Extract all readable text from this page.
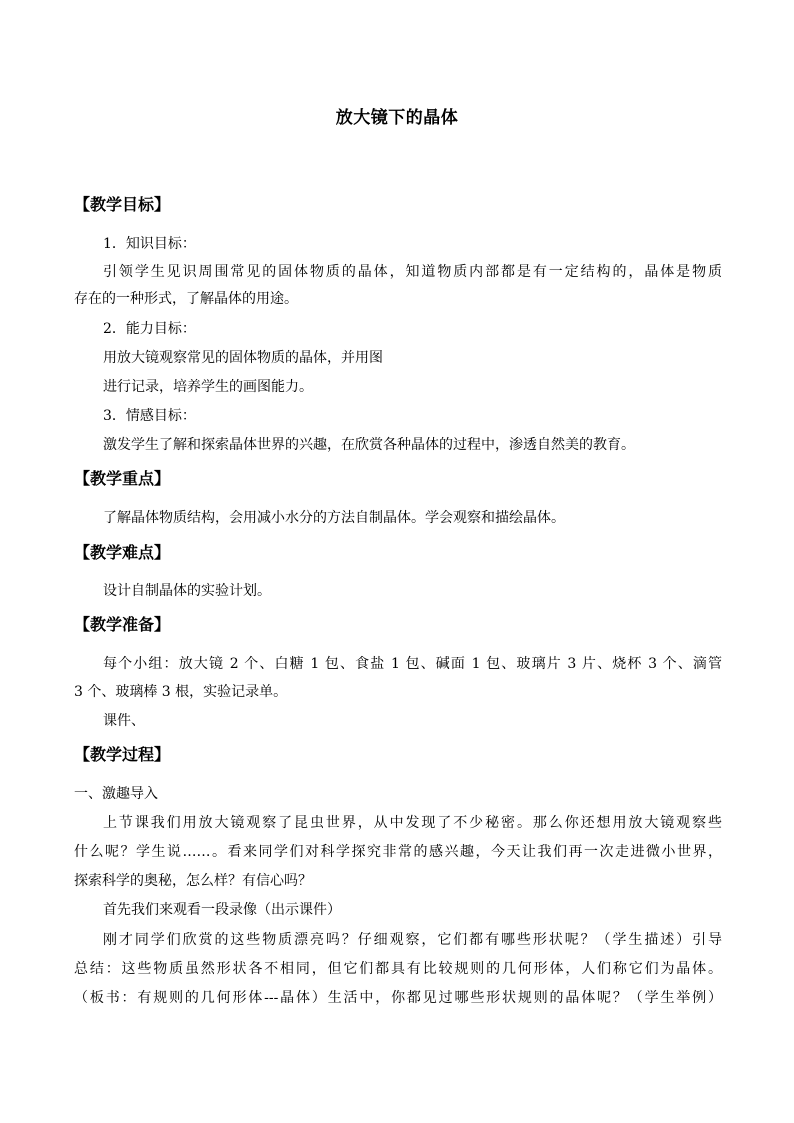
放大镜下的晶体
【教学目标】
1．知识目标：
引领学生见识周围常见的固体物质的晶体，知道物质内部都是有一定结构的，晶体是物质
存在的一种形式，了解晶体的用途。
2．能力目标：
用放大镜观察常见的固体物质的晶体，并用图
进行记录，培养学生的画图能力。
3．情感目标：
激发学生了解和探索晶体世界的兴趣，在欣赏各种晶体的过程中，渗透自然美的教育。
【教学重点】
了解晶体物质结构，会用减小水分的方法自制晶体。学会观察和描绘晶体。
【教学难点】
设计自制晶体的实验计划。
【教学准备】
每个小组：放大镜 2 个、白糖 1 包、食盐 1 包、碱面 1 包、玻璃片 3 片、烧杯 3 个、滴管
3 个、玻璃棒 3 根，实验记录单。
课件、
【教学过程】
一、激趣导入
上节课我们用放大镜观察了昆虫世界，从中发现了不少秘密。那么你还想用放大镜观察些
什么呢？学生说……。看来同学们对科学探究非常的感兴趣，今天让我们再一次走进微小世界，
探索科学的奥秘，怎么样？有信心吗？
首先我们来观看一段录像（出示课件）
刚才同学们欣赏的这些物质漂亮吗？仔细观察，它们都有哪些形状呢？（学生描述）引导
总结：这些物质虽然形状各不相同，但它们都具有比较规则的几何形体，人们称它们为晶体。
（板书：有规则的几何形体---晶体）生活中，你都见过哪些形状规则的晶体呢？（学生举例）
